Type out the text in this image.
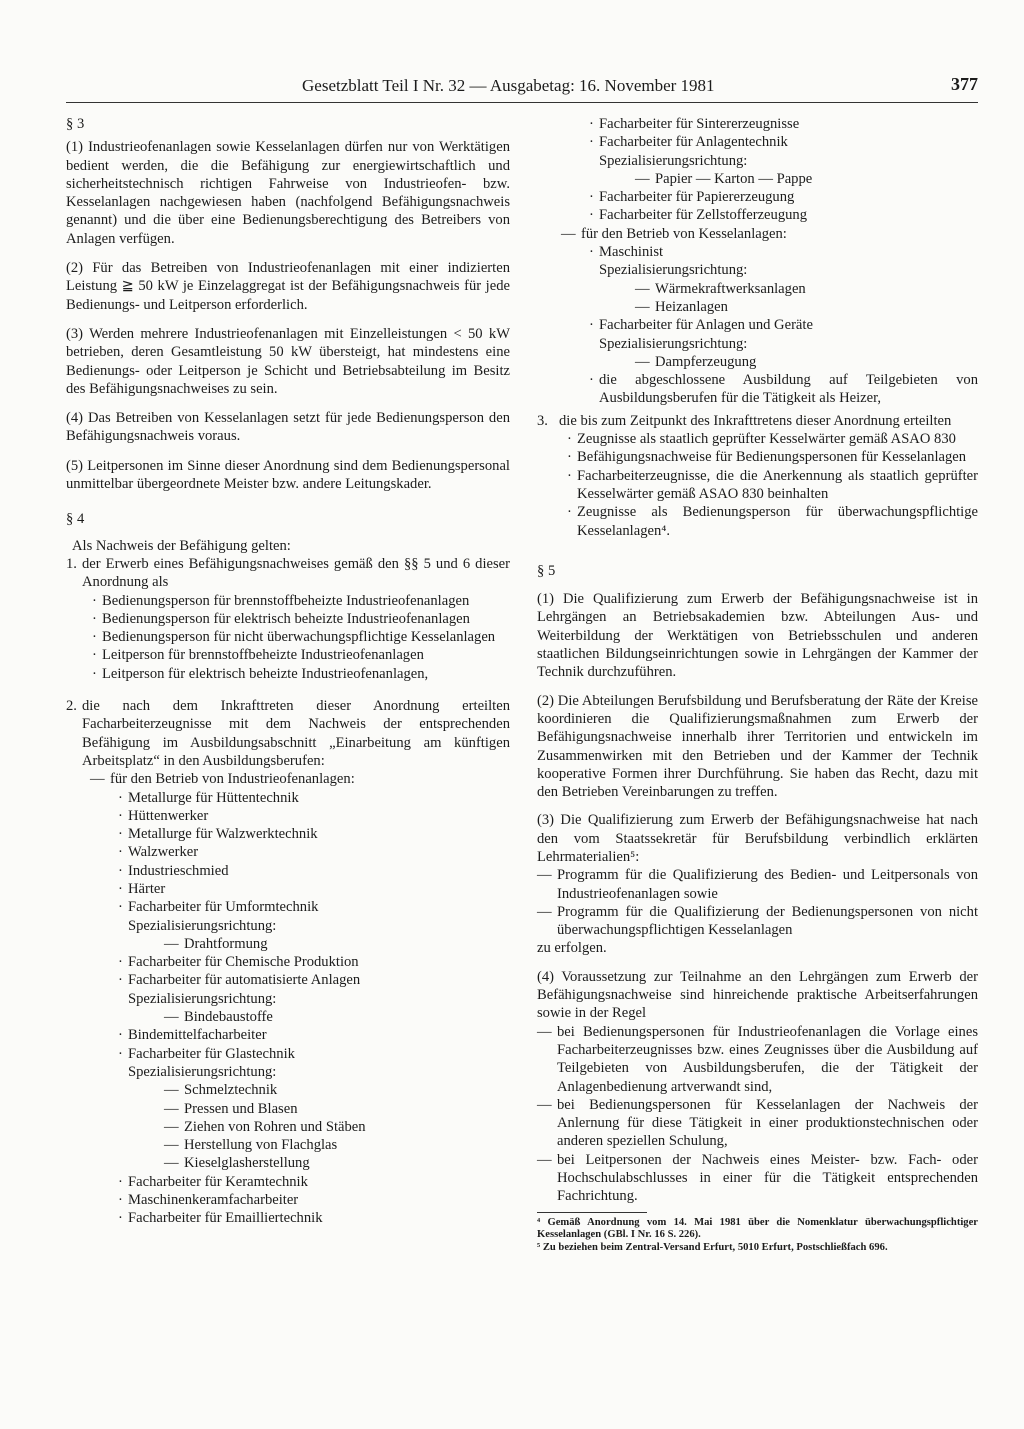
Gesetzblatt Teil I Nr. 32 — Ausgabetag: 16. November 1981	377

§ 3

(1) Industrieofenanlagen sowie Kesselanlagen dürfen nur von Werktätigen bedient werden, die die Befähigung zur energiewirtschaftlich und sicherheitstechnisch richtigen Fahrweise von Industrieofen- bzw. Kesselanlagen nachgewiesen haben (nachfolgend Befähigungsnachweis genannt) und die über eine Bedienungsberechtigung des Betreibers von Anlagen verfügen.

(2) Für das Betreiben von Industrieofenanlagen mit einer indizierten Leistung ≧ 50 kW je Einzelaggregat ist der Befähigungsnachweis für jede Bedienungs- und Leitperson erforderlich.

(3) Werden mehrere Industrieofenanlagen mit Einzelleistungen < 50 kW betrieben, deren Gesamtleistung 50 kW übersteigt, hat mindestens eine Bedienungs- oder Leitperson je Schicht und Betriebsabteilung im Besitz des Befähigungsnachweises zu sein.

(4) Das Betreiben von Kesselanlagen setzt für jede Bedienungsperson den Befähigungsnachweis voraus.

(5) Leitpersonen im Sinne dieser Anordnung sind dem Bedienungspersonal unmittelbar übergeordnete Meister bzw. andere Leitungskader.

§ 4

Als Nachweis der Befähigung gelten:

1. der Erwerb eines Befähigungsnachweises gemäß den §§ 5 und 6 dieser Anordnung als

· Bedienungsperson für brennstoffbeheizte Industrieofenanlagen

· Bedienungsperson für elektrisch beheizte Industrieofenanlagen

· Bedienungsperson für nicht überwachungspflichtige Kesselanlagen

· Leitperson für brennstoffbeheizte Industrieofenanlagen

· Leitperson für elektrisch beheizte Industrieofenanlagen,

2. die nach dem Inkrafttreten dieser Anordnung erteilten Facharbeiterzeugnisse mit dem Nachweis der entsprechenden Befähigung im Ausbildungsabschnitt „Einarbeitung am künftigen Arbeitsplatz“ in den Ausbildungsberufen:

— für den Betrieb von Industrieofenanlagen:

· Metallurge für Hüttentechnik

· Hüttenwerker

· Metallurge für Walzwerktechnik

· Walzwerker

· Industrieschmied

· Härter

· Facharbeiter für Umformtechnik

Spezialisierungsrichtung:

— Drahtformung

· Facharbeiter für Chemische Produktion

· Facharbeiter für automatisierte Anlagen

Spezialisierungsrichtung:

— Bindebaustoffe

· Bindemittelfacharbeiter

· Facharbeiter für Glastechnik

Spezialisierungsrichtung:

— Schmelztechnik

— Pressen und Blasen

— Ziehen von Rohren und Stäben

— Herstellung von Flachglas

— Kieselglasherstellung

· Facharbeiter für Keramtechnik

· Maschinenkeramfacharbeiter

· Facharbeiter für Emailliertechnik

· Facharbeiter für Sintererzeugnisse

· Facharbeiter für Anlagentechnik

Spezialisierungsrichtung:

— Papier — Karton — Pappe

· Facharbeiter für Papiererzeugung

· Facharbeiter für Zellstofferzeugung

— für den Betrieb von Kesselanlagen:

· Maschinist

Spezialisierungsrichtung:

— Wärmekraftwerksanlagen

— Heizanlagen

· Facharbeiter für Anlagen und Geräte

Spezialisierungsrichtung:

— Dampferzeugung

· die abgeschlossene Ausbildung auf Teilgebieten von Ausbildungsberufen für die Tätigkeit als Heizer,

3. die bis zum Zeitpunkt des Inkrafttretens dieser Anordnung erteilten

· Zeugnisse als staatlich geprüfter Kesselwärter gemäß ASAO 830

· Befähigungsnachweise für Bedienungspersonen für Kesselanlagen

· Facharbeiterzeugnisse, die die Anerkennung als staatlich geprüfter Kesselwärter gemäß ASAO 830 beinhalten

· Zeugnisse als Bedienungsperson für überwachungspflichtige Kesselanlagen⁴.

§ 5

(1) Die Qualifizierung zum Erwerb der Befähigungsnachweise ist in Lehrgängen an Betriebsakademien bzw. Abteilungen Aus- und Weiterbildung der Werktätigen von Betriebsschulen und anderen staatlichen Bildungseinrichtungen sowie in Lehrgängen der Kammer der Technik durchzuführen.

(2) Die Abteilungen Berufsbildung und Berufsberatung der Räte der Kreise koordinieren die Qualifizierungsmaßnahmen zum Erwerb der Befähigungsnachweise innerhalb ihrer Territorien und entwickeln im Zusammenwirken mit den Betrieben und der Kammer der Technik kooperative Formen ihrer Durchführung. Sie haben das Recht, dazu mit den Betrieben Vereinbarungen zu treffen.

(3) Die Qualifizierung zum Erwerb der Befähigungsnachweise hat nach den vom Staatssekretär für Berufsbildung verbindlich erklärten Lehrmaterialien⁵:

— Programm für die Qualifizierung des Bedien- und Leitpersonals von Industrieofenanlagen sowie

— Programm für die Qualifizierung der Bedienungspersonen von nicht überwachungspflichtigen Kesselanlagen

zu erfolgen.

(4) Voraussetzung zur Teilnahme an den Lehrgängen zum Erwerb der Befähigungsnachweise sind hinreichende praktische Arbeitserfahrungen sowie in der Regel

— bei Bedienungspersonen für Industrieofenanlagen die Vorlage eines Facharbeiterzeugnisses bzw. eines Zeugnisses über die Ausbildung auf Teilgebieten von Ausbildungsberufen, die der Tätigkeit der Anlagenbedienung artverwandt sind,

— bei Bedienungspersonen für Kesselanlagen der Nachweis der Anlernung für diese Tätigkeit in einer produktionstechnischen oder anderen speziellen Schulung,

— bei Leitpersonen der Nachweis eines Meister- bzw. Fach- oder Hochschulabschlusses in einer für die Tätigkeit entsprechenden Fachrichtung.

⁴ Gemäß Anordnung vom 14. Mai 1981 über die Nomenklatur überwachungspflichtiger Kesselanlagen (GBl. I Nr. 16 S. 226).

⁵ Zu beziehen beim Zentral-Versand Erfurt, 5010 Erfurt, Postschließfach 696.
